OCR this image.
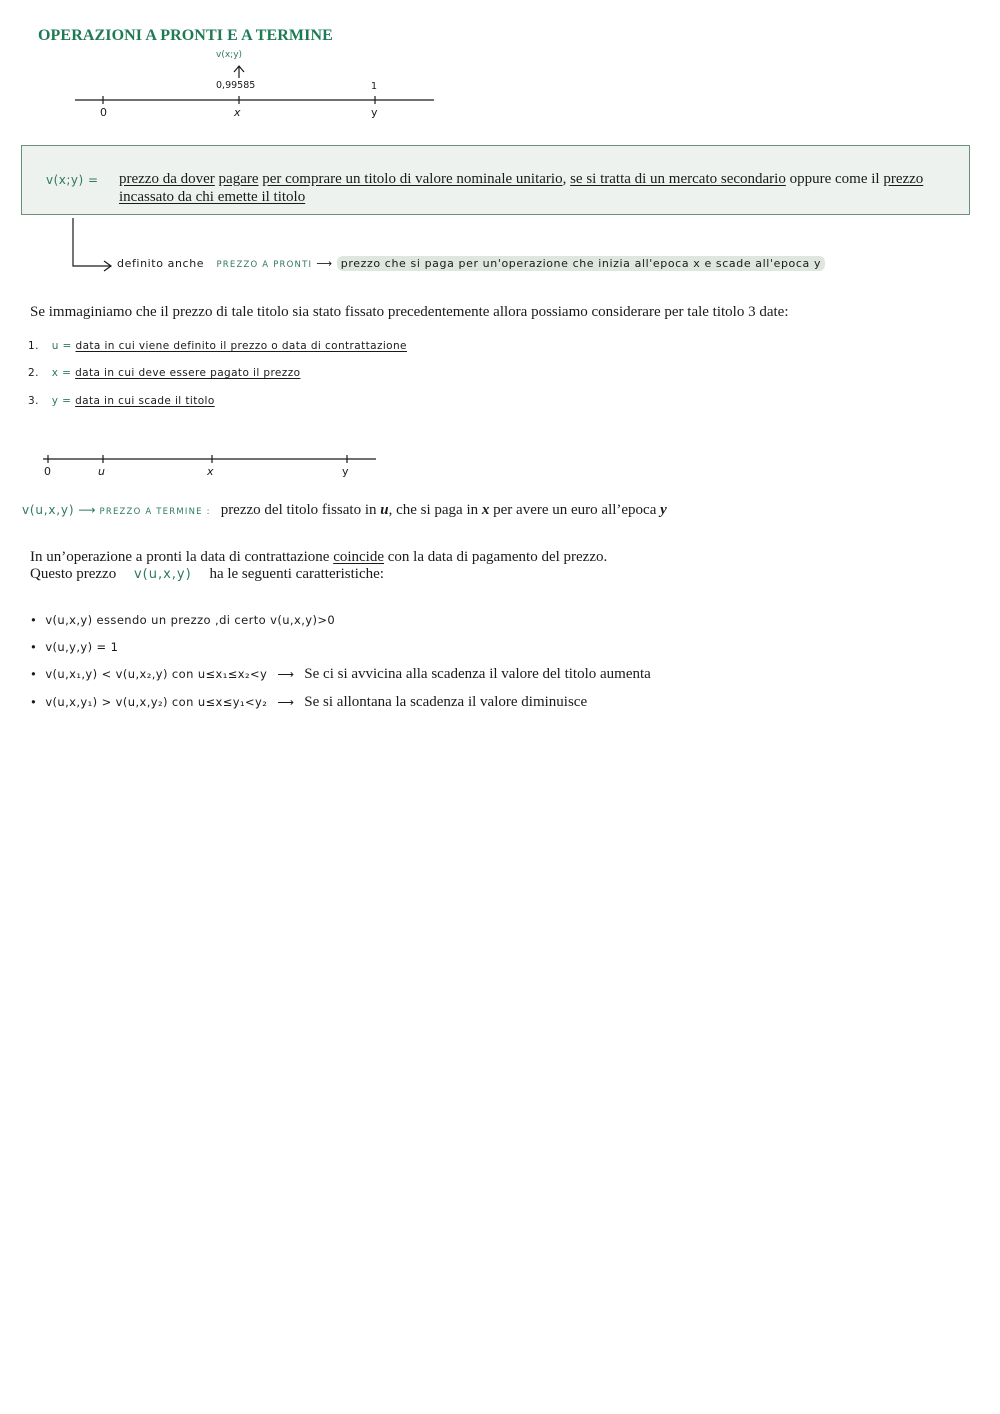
OPERAZIONI A PRONTI E A TERMINE
v(x;y)
0,99585	1
0	x	y
v(x;y) = prezzo da dover pagare per comprare un titolo di valore nominale unitario, se si tratta di un mercato secondario oppure come il prezzo incassato da chi emette il titolo
definito anche PREZZO A PRONTI ⟶ prezzo che si paga per un'operazione che inizia all'epoca x e scade all'epoca y
Se immaginiamo che il prezzo di tale titolo sia stato fissato precedentemente allora possiamo considerare per tale titolo 3 date:
1. u = data in cui viene definito il prezzo o data di contrattazione
2. x = data in cui deve essere pagato il prezzo
3. y = data in cui scade il titolo
0	u	x	y
v(u,x,y) ⟶ PREZZO A TERMINE : prezzo del titolo fissato in u, che si paga in x per avere un euro all’epoca y
In un’operazione a pronti la data di contrattazione coincide con la data di pagamento del prezzo.
Questo prezzo v(u,x,y) ha le seguenti caratteristiche:
•  v(u,x,y) essendo un prezzo ,di certo v(u,x,y)>0
•  v(u,y,y) = 1
•  v(u,x₁,y) < v(u,x₂,y) con u≤x₁≤x₂<y ⟶ Se ci si avvicina alla scadenza il valore del titolo aumenta
•  v(u,x,y₁) > v(u,x,y₂) con u≤x≤y₁<y₂ ⟶ Se si allontana la scadenza il valore diminuisce
